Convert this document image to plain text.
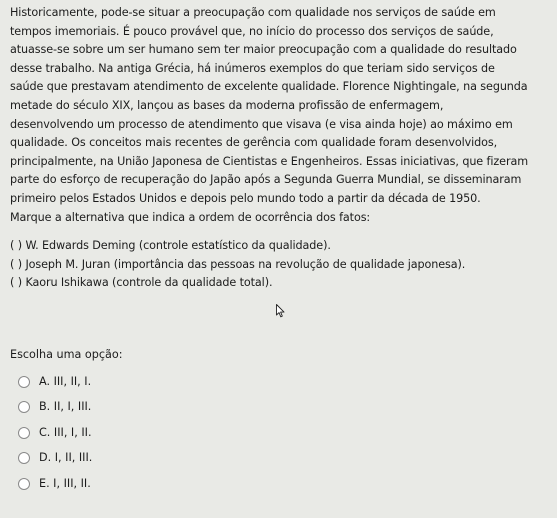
Historicamente, pode-se situar a preocupação com qualidade nos serviços de saúde em

tempos imemoriais. É pouco provável que, no início do processo dos serviços de saúde,

atuasse-se sobre um ser humano sem ter maior preocupação com a qualidade do resultado

desse trabalho. Na antiga Grécia, há inúmeros exemplos do que teriam sido serviços de

saúde que prestavam atendimento de excelente qualidade. Florence Nightingale, na segunda

metade do século XIX, lançou as bases da moderna profissão de enfermagem,

desenvolvendo um processo de atendimento que visava (e visa ainda hoje) ao máximo em

qualidade. Os conceitos mais recentes de gerência com qualidade foram desenvolvidos,

principalmente, na União Japonesa de Cientistas e Engenheiros. Essas iniciativas, que fizeram

parte do esforço de recuperação do Japão após a Segunda Guerra Mundial, se disseminaram

primeiro pelos Estados Unidos e depois pelo mundo todo a partir da década de 1950.

Marque a alternativa que indica a ordem de ocorrência dos fatos:

( ) W. Edwards Deming (controle estatístico da qualidade).
( ) Joseph M. Juran (importância das pessoas na revolução de qualidade japonesa).
( ) Kaoru Ishikawa (controle da qualidade total).
Escolha uma opção:
A. III, II, I.
B. II, I, III.
C. III, I, II.
D. I, II, III.
E. I, III, II.
